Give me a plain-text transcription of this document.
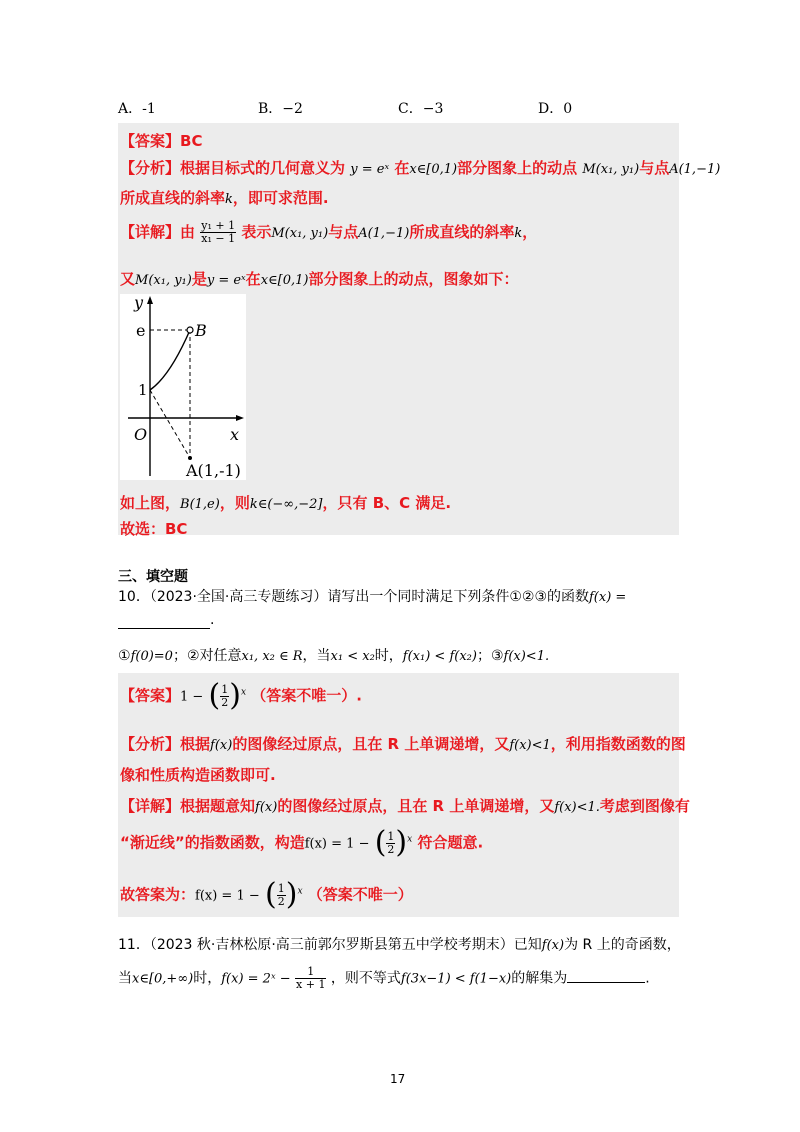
A．-1	B．−2	C．−3	D．0
【答案】BC
【分析】根据目标式的几何意义为 y = eˣ 在x∈[0,1)部分图象上的动点 M(x₁, y₁)与点A(1,−1)
所成直线的斜率k，即可求范围.
【详解】由 $\frac{\text{y₁ + 1}}{\text{x₁ − 1}}$ 表示M(x₁, y₁)与点A(1,−1)所成直线的斜率k，
又M(x₁, y₁)是y = eˣ在x∈[0,1)部分图象上的动点，图象如下：
y
x
O
e
1
B
A(1,-1)
如上图，B(1,e)，则k∈(−∞,−2]，只有 B、C 满足.
故选：BC
三、填空题
10．（2023·全国·高三专题练习）请写出一个同时满足下列条件①②③的函数f(x) =
.
①f(0)=0；②对任意x₁, x₂ ∈ R，当x₁ < x₂时，f(x₁) < f(x₂)；③f(x)<1.
【答案】1 − ( $\frac{1}{2} )^x$ （答案不唯一）.
【分析】根据f(x)的图像经过原点，且在 R 上单调递增，又f(x)<1，利用指数函数的图
像和性质构造函数即可.
【详解】根据题意知f(x)的图像经过原点，且在 R 上单调递增，又f(x)<1.考虑到图像有
“渐近线”的指数函数，构造f(x) = 1 − ( $\frac{1}{2} )^x$ 符合题意.
故答案为：f(x) = 1 − ( $\frac{1}{2} )^x$ （答案不唯一）
11．（2023 秋·吉林松原·高三前郭尔罗斯县第五中学校考期末）已知f(x)为 R 上的奇函数，
当x∈[0,+∞)时，f(x) = 2ˣ − $\frac{1}{x + 1}$ ，则不等式f(3x−1) < f(1−x)的解集为	.
17
